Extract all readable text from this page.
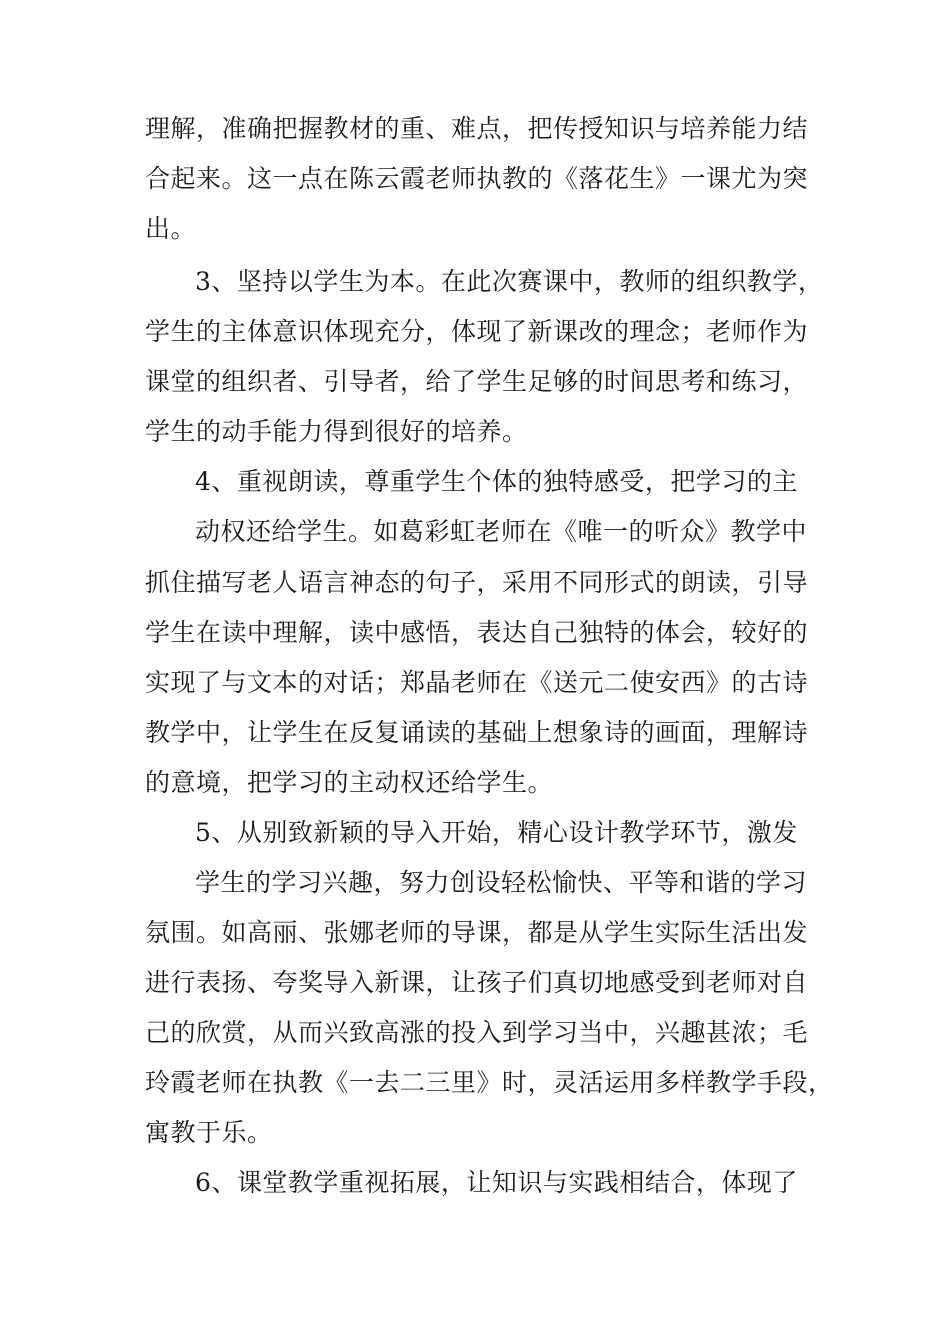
理解，准确把握教材的重、难点，把传授知识与培养能力结
合起来。这一点在陈云霞老师执教的《落花生》一课尤为突
出。
3、坚持以学生为本。在此次赛课中，教师的组织教学，
学生的主体意识体现充分，体现了新课改的理念；老师作为
课堂的组织者、引导者，给了学生足够的时间思考和练习，
学生的动手能力得到很好的培养。
4、重视朗读，尊重学生个体的独特感受，把学习的主
动权还给学生。如葛彩虹老师在《唯一的听众》教学中
抓住描写老人语言神态的句子，采用不同形式的朗读，引导
学生在读中理解，读中感悟，表达自己独特的体会，较好的
实现了与文本的对话；郑晶老师在《送元二使安西》的古诗
教学中，让学生在反复诵读的基础上想象诗的画面，理解诗
的意境，把学习的主动权还给学生。
5、从别致新颖的导入开始，精心设计教学环节，激发
学生的学习兴趣，努力创设轻松愉快、平等和谐的学习
氛围。如高丽、张娜老师的导课，都是从学生实际生活出发
进行表扬、夸奖导入新课，让孩子们真切地感受到老师对自
己的欣赏，从而兴致高涨的投入到学习当中，兴趣甚浓；毛
玲霞老师在执教《一去二三里》时，灵活运用多样教学手段，
寓教于乐。
6、课堂教学重视拓展，让知识与实践相结合，体现了
